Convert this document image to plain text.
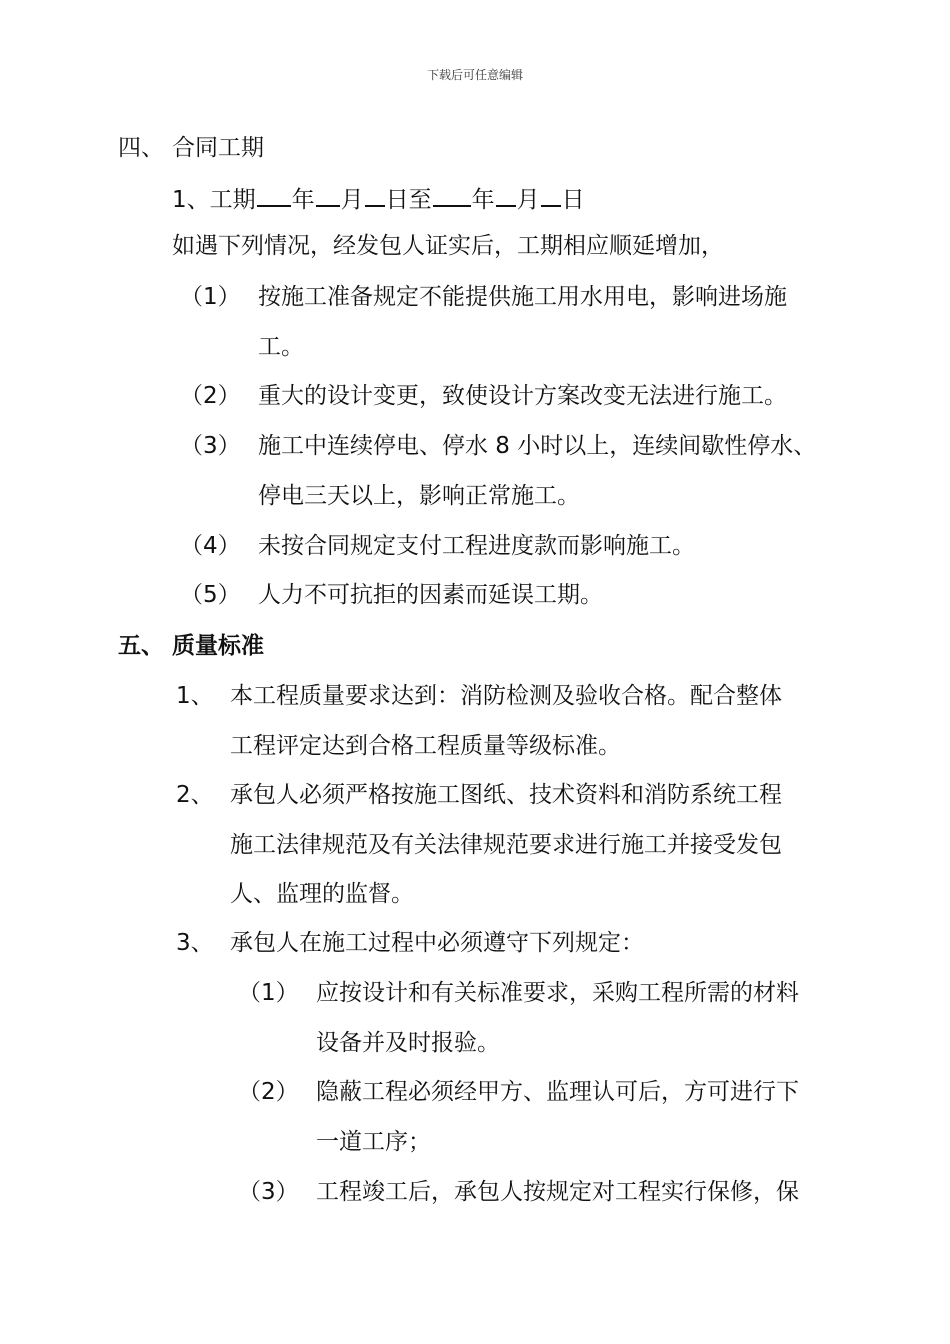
下载后可任意编辑
四、 合同工期
1、工期 年 月 日至 年 月 日
如遇下列情况，经发包人证实后，工期相应顺延增加，
（1） 按施工准备规定不能提供施工用水用电，影响进场施
工。
（2） 重大的设计变更，致使设计方案改变无法进行施工。
（3） 施工中连续停电、停水 8 小时以上，连续间歇性停水、
停电三天以上，影响正常施工。
（4） 未按合同规定支付工程进度款而影响施工。
（5） 人力不可抗拒的因素而延误工期。
五、 质量标准
1、 本工程质量要求达到：消防检测及验收合格。配合整体
工程评定达到合格工程质量等级标准。
2、 承包人必须严格按施工图纸、技术资料和消防系统工程
施工法律规范及有关法律规范要求进行施工并接受发包
人、监理的监督。
3、 承包人在施工过程中必须遵守下列规定：
（1） 应按设计和有关标准要求，采购工程所需的材料
设备并及时报验。
（2） 隐蔽工程必须经甲方、监理认可后，方可进行下
一道工序；
（3） 工程竣工后，承包人按规定对工程实行保修，保
